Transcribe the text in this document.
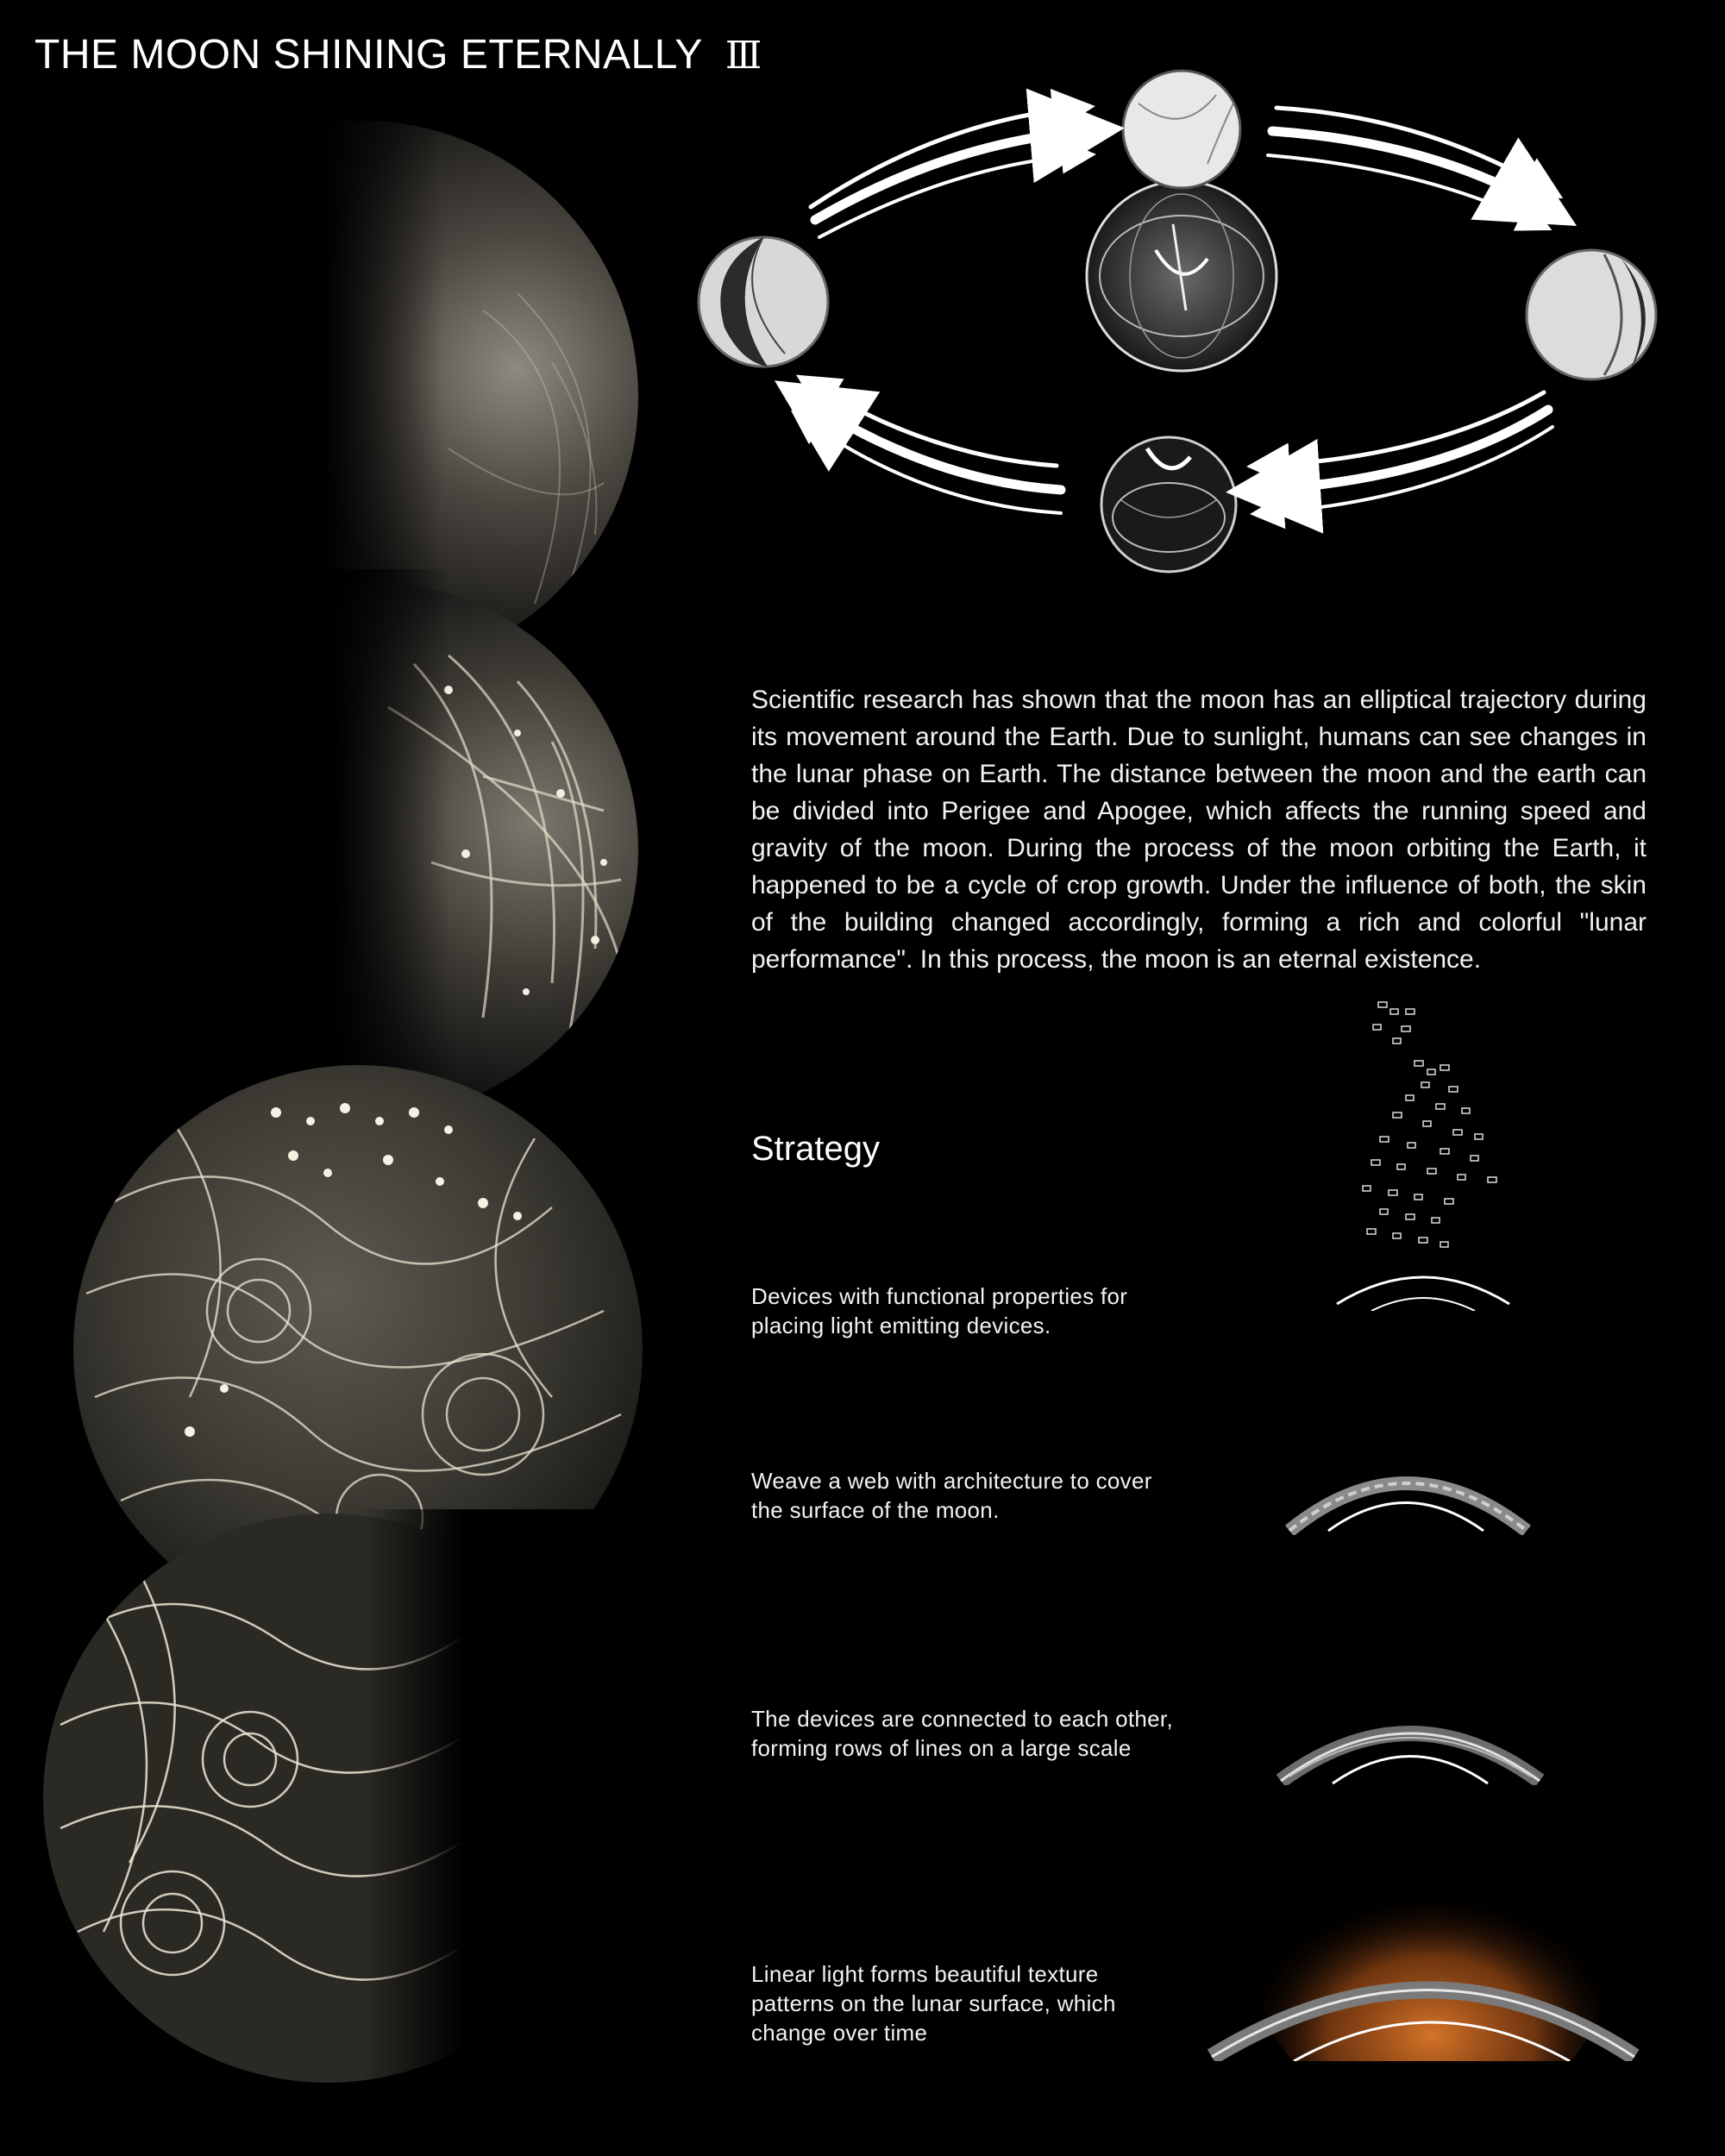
THE MOON SHINING ETERNALLY Ⅲ

Scientific research has shown that the moon has an elliptical trajectory during its movement around the Earth. Due to sunlight, humans can see changes in the lunar phase on Earth. The distance between the moon and the earth can be divided into Perigee and Apogee, which affects the running speed and gravity of the moon. During the process of the moon orbiting the Earth, it happened to be a cycle of crop growth. Under the influence of both, the skin of the building changed accordingly, forming a rich and colorful "lunar performance". In this process, the moon is an eternal existence.

Strategy
Devices with functional properties for placing light emitting devices.
Weave a web with architecture to cover the surface of the moon.
The devices are connected to each other, forming rows of lines on a large scale
Linear light forms beautiful texture patterns on the lunar surface, which change over time
